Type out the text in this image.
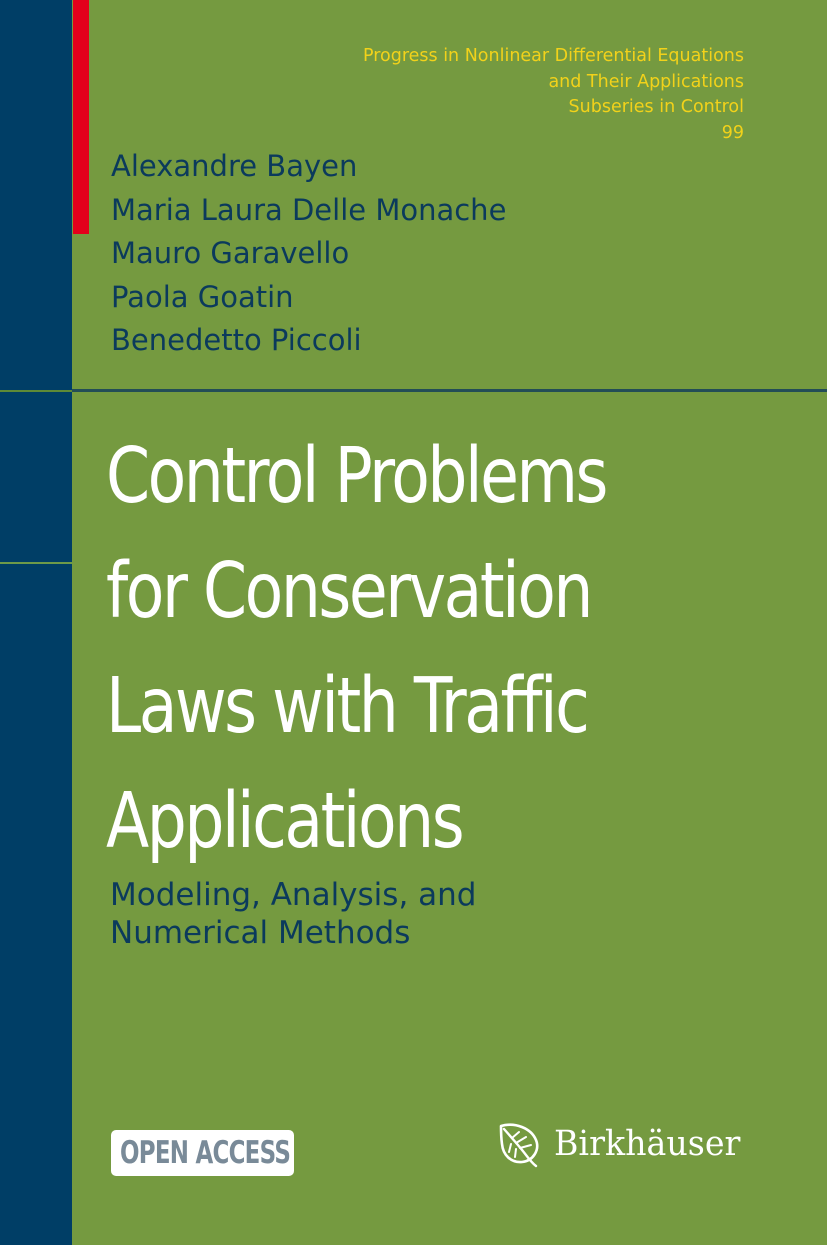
Progress in Nonlinear Differential Equations
and Their Applications
Subseries in Control
99
Alexandre Bayen
Maria Laura Delle Monache
Mauro Garavello
Paola Goatin
Benedetto Piccoli
Control Problems
for Conservation
Laws with Traffic
Applications
Modeling, Analysis, and
Numerical Methods
OPEN ACCESS	Birkhäuser
